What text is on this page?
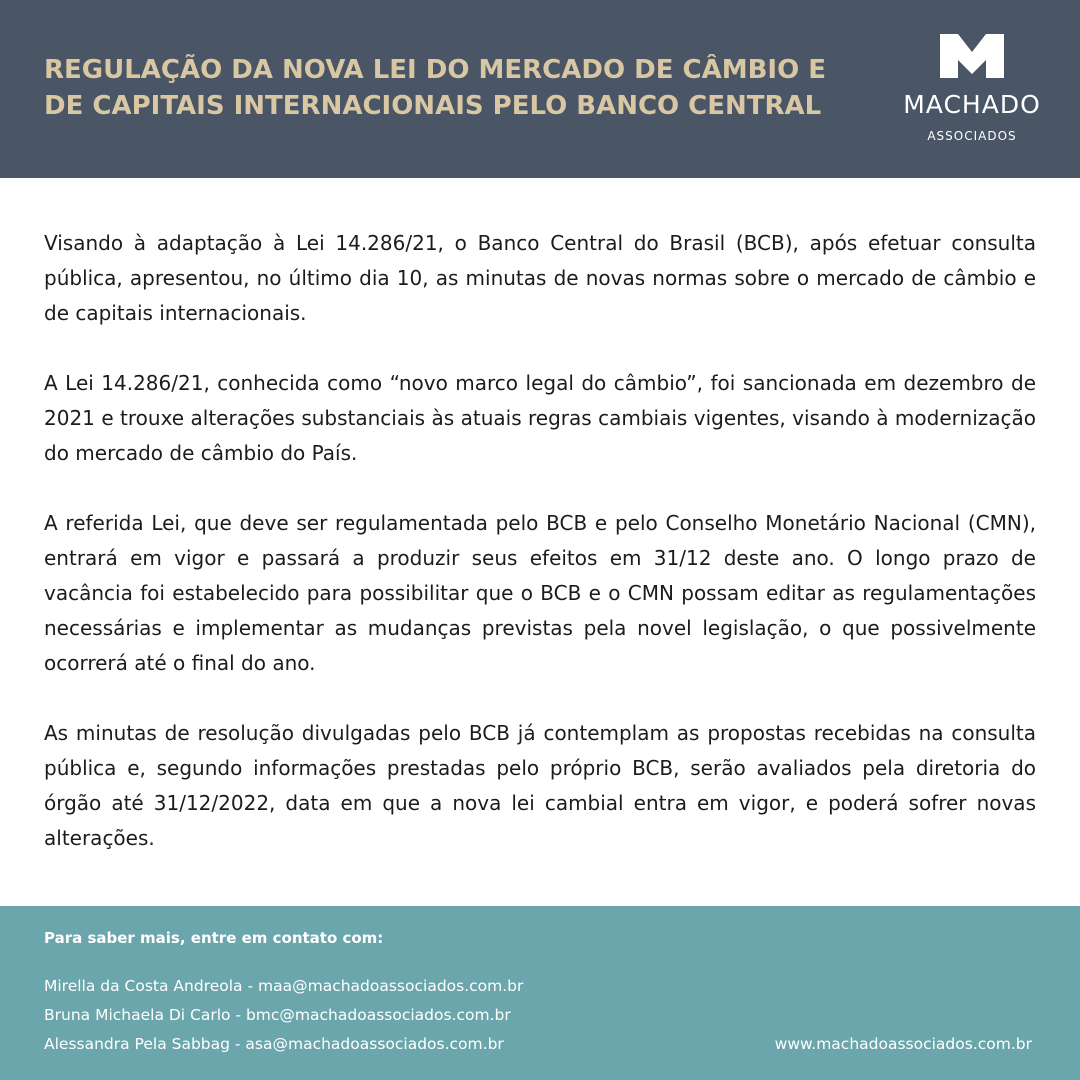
REGULAÇÃO DA NOVA LEI DO MERCADO DE CÂMBIO E
DE CAPITAIS INTERNACIONAIS PELO BANCO CENTRAL	MACHADO
ASSOCIADOS

Visando à adaptação à Lei 14.286/21, o Banco Central do Brasil (BCB), após efetuar consulta pública, apresentou, no último dia 10, as minutas de novas normas sobre o mercado de câmbio e de capitais internacionais.

A Lei 14.286/21, conhecida como “novo marco legal do câmbio”, foi sancionada em dezembro de 2021 e trouxe alterações substanciais às atuais regras cambiais vigentes, visando à modernização do mercado de câmbio do País.

A referida Lei, que deve ser regulamentada pelo BCB e pelo Conselho Monetário Nacional (CMN), entrará em vigor e passará a produzir seus efeitos em 31/12 deste ano. O longo prazo de vacância foi estabelecido para possibilitar que o BCB e o CMN possam editar as regulamentações necessárias e implementar as mudanças previstas pela novel legislação, o que possivelmente ocorrerá até o final do ano.

As minutas de resolução divulgadas pelo BCB já contemplam as propostas recebidas na consulta pública e, segundo informações prestadas pelo próprio BCB, serão avaliados pela diretoria do órgão até 31/12/2022, data em que a nova lei cambial entra em vigor, e poderá sofrer novas alterações.

Para saber mais, entre em contato com:

Mirella da Costa Andreola - maa@machadoassociados.com.br
Bruna Michaela Di Carlo - bmc@machadoassociados.com.br
Alessandra Pela Sabbag - asa@machadoassociados.com.br	www.machadoassociados.com.br
